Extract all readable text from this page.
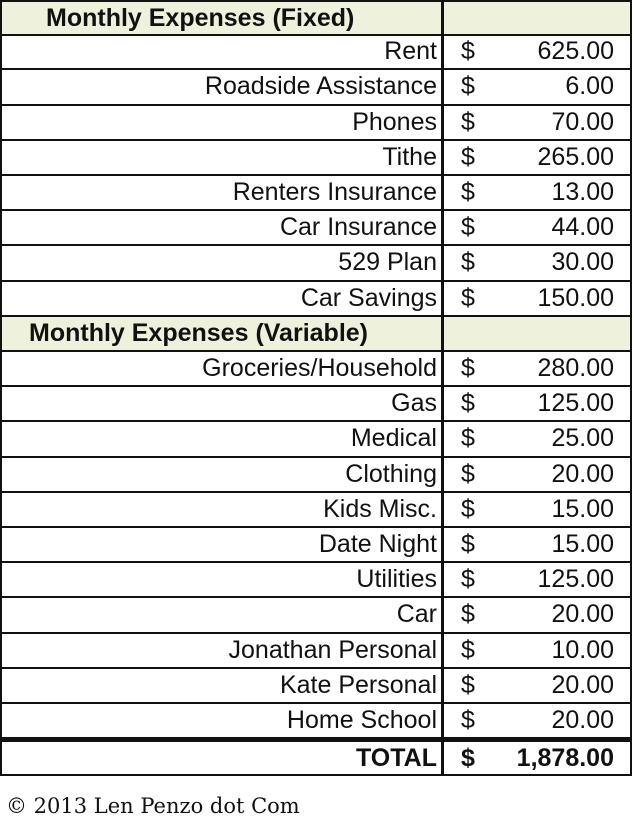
Monthly Expenses (Fixed)
Rent $	625.00
Roadside Assistance $	6.00
Phones $	70.00
Tithe $	265.00
Renters Insurance $	13.00
Car Insurance $	44.00
529 Plan $	30.00
Car Savings $	150.00
Monthly Expenses (Variable)
Groceries/Household $	280.00
Gas $	125.00
Medical $	25.00
Clothing $	20.00
Kids Misc. $	15.00
Date Night $	15.00
Utilities $	125.00
Car $	20.00
Jonathan Personal $	10.00
Kate Personal $	20.00
Home School $	20.00
TOTAL $ 1,878.00
© 2013 Len Penzo dot Com
